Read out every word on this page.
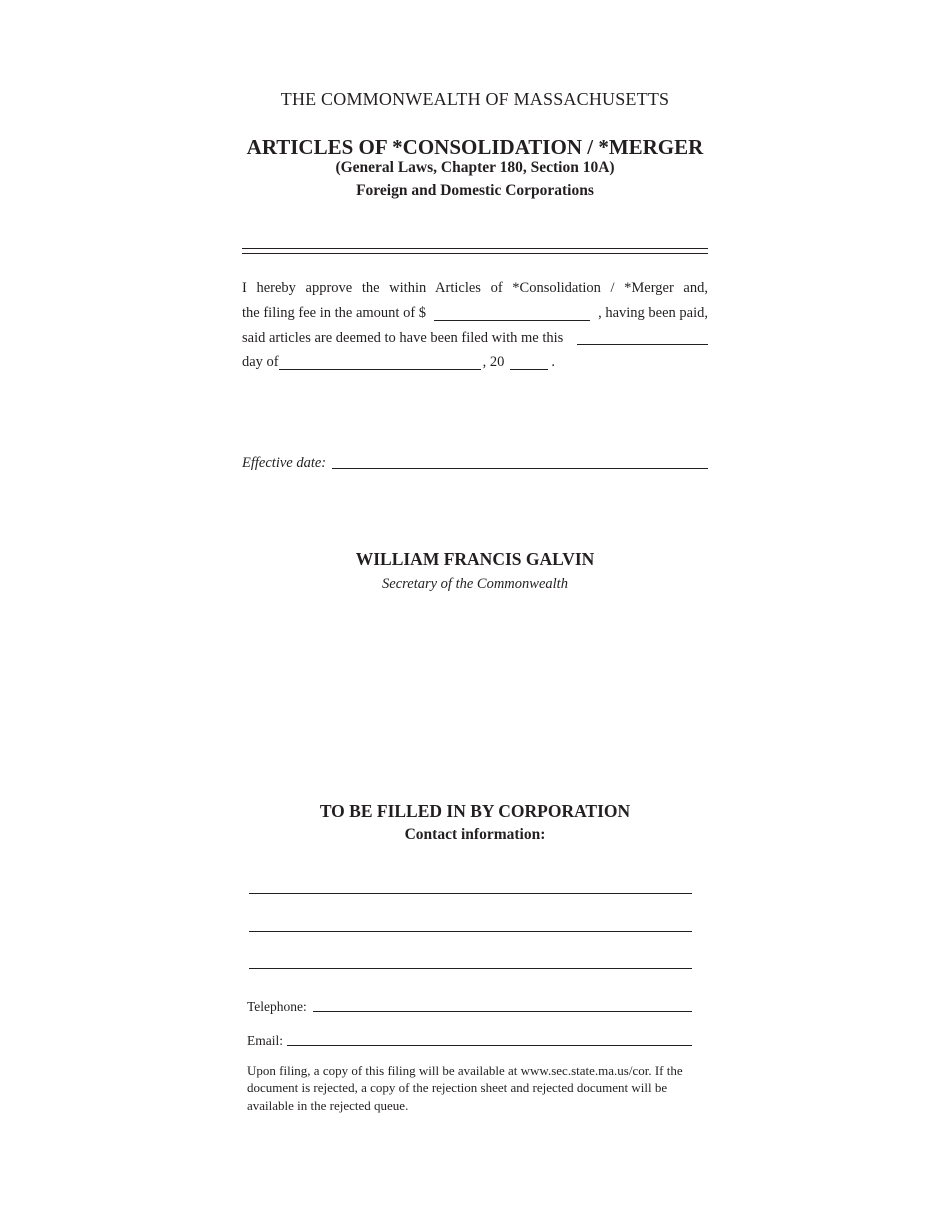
THE COMMONWEALTH OF MASSACHUSETTS
ARTICLES OF *CONSOLIDATION / *MERGER
(General Laws, Chapter 180, Section 10A)
Foreign and Domestic Corporations
I hereby approve the within Articles of *Consolidation / *Merger and,
the filing fee in the amount of $	, having been paid,
said articles are deemed to have been filed with me this
day of	, 20	.
Effective date:
WILLIAM FRANCIS GALVIN
Secretary of the Commonwealth
TO BE FILLED IN BY CORPORATION
Contact information:
Telephone:
Email:
Upon filing, a copy of this filing will be available at www.sec.state.ma.us/cor. If the document is rejected, a copy of the rejection sheet and rejected document will be available in the rejected queue.
